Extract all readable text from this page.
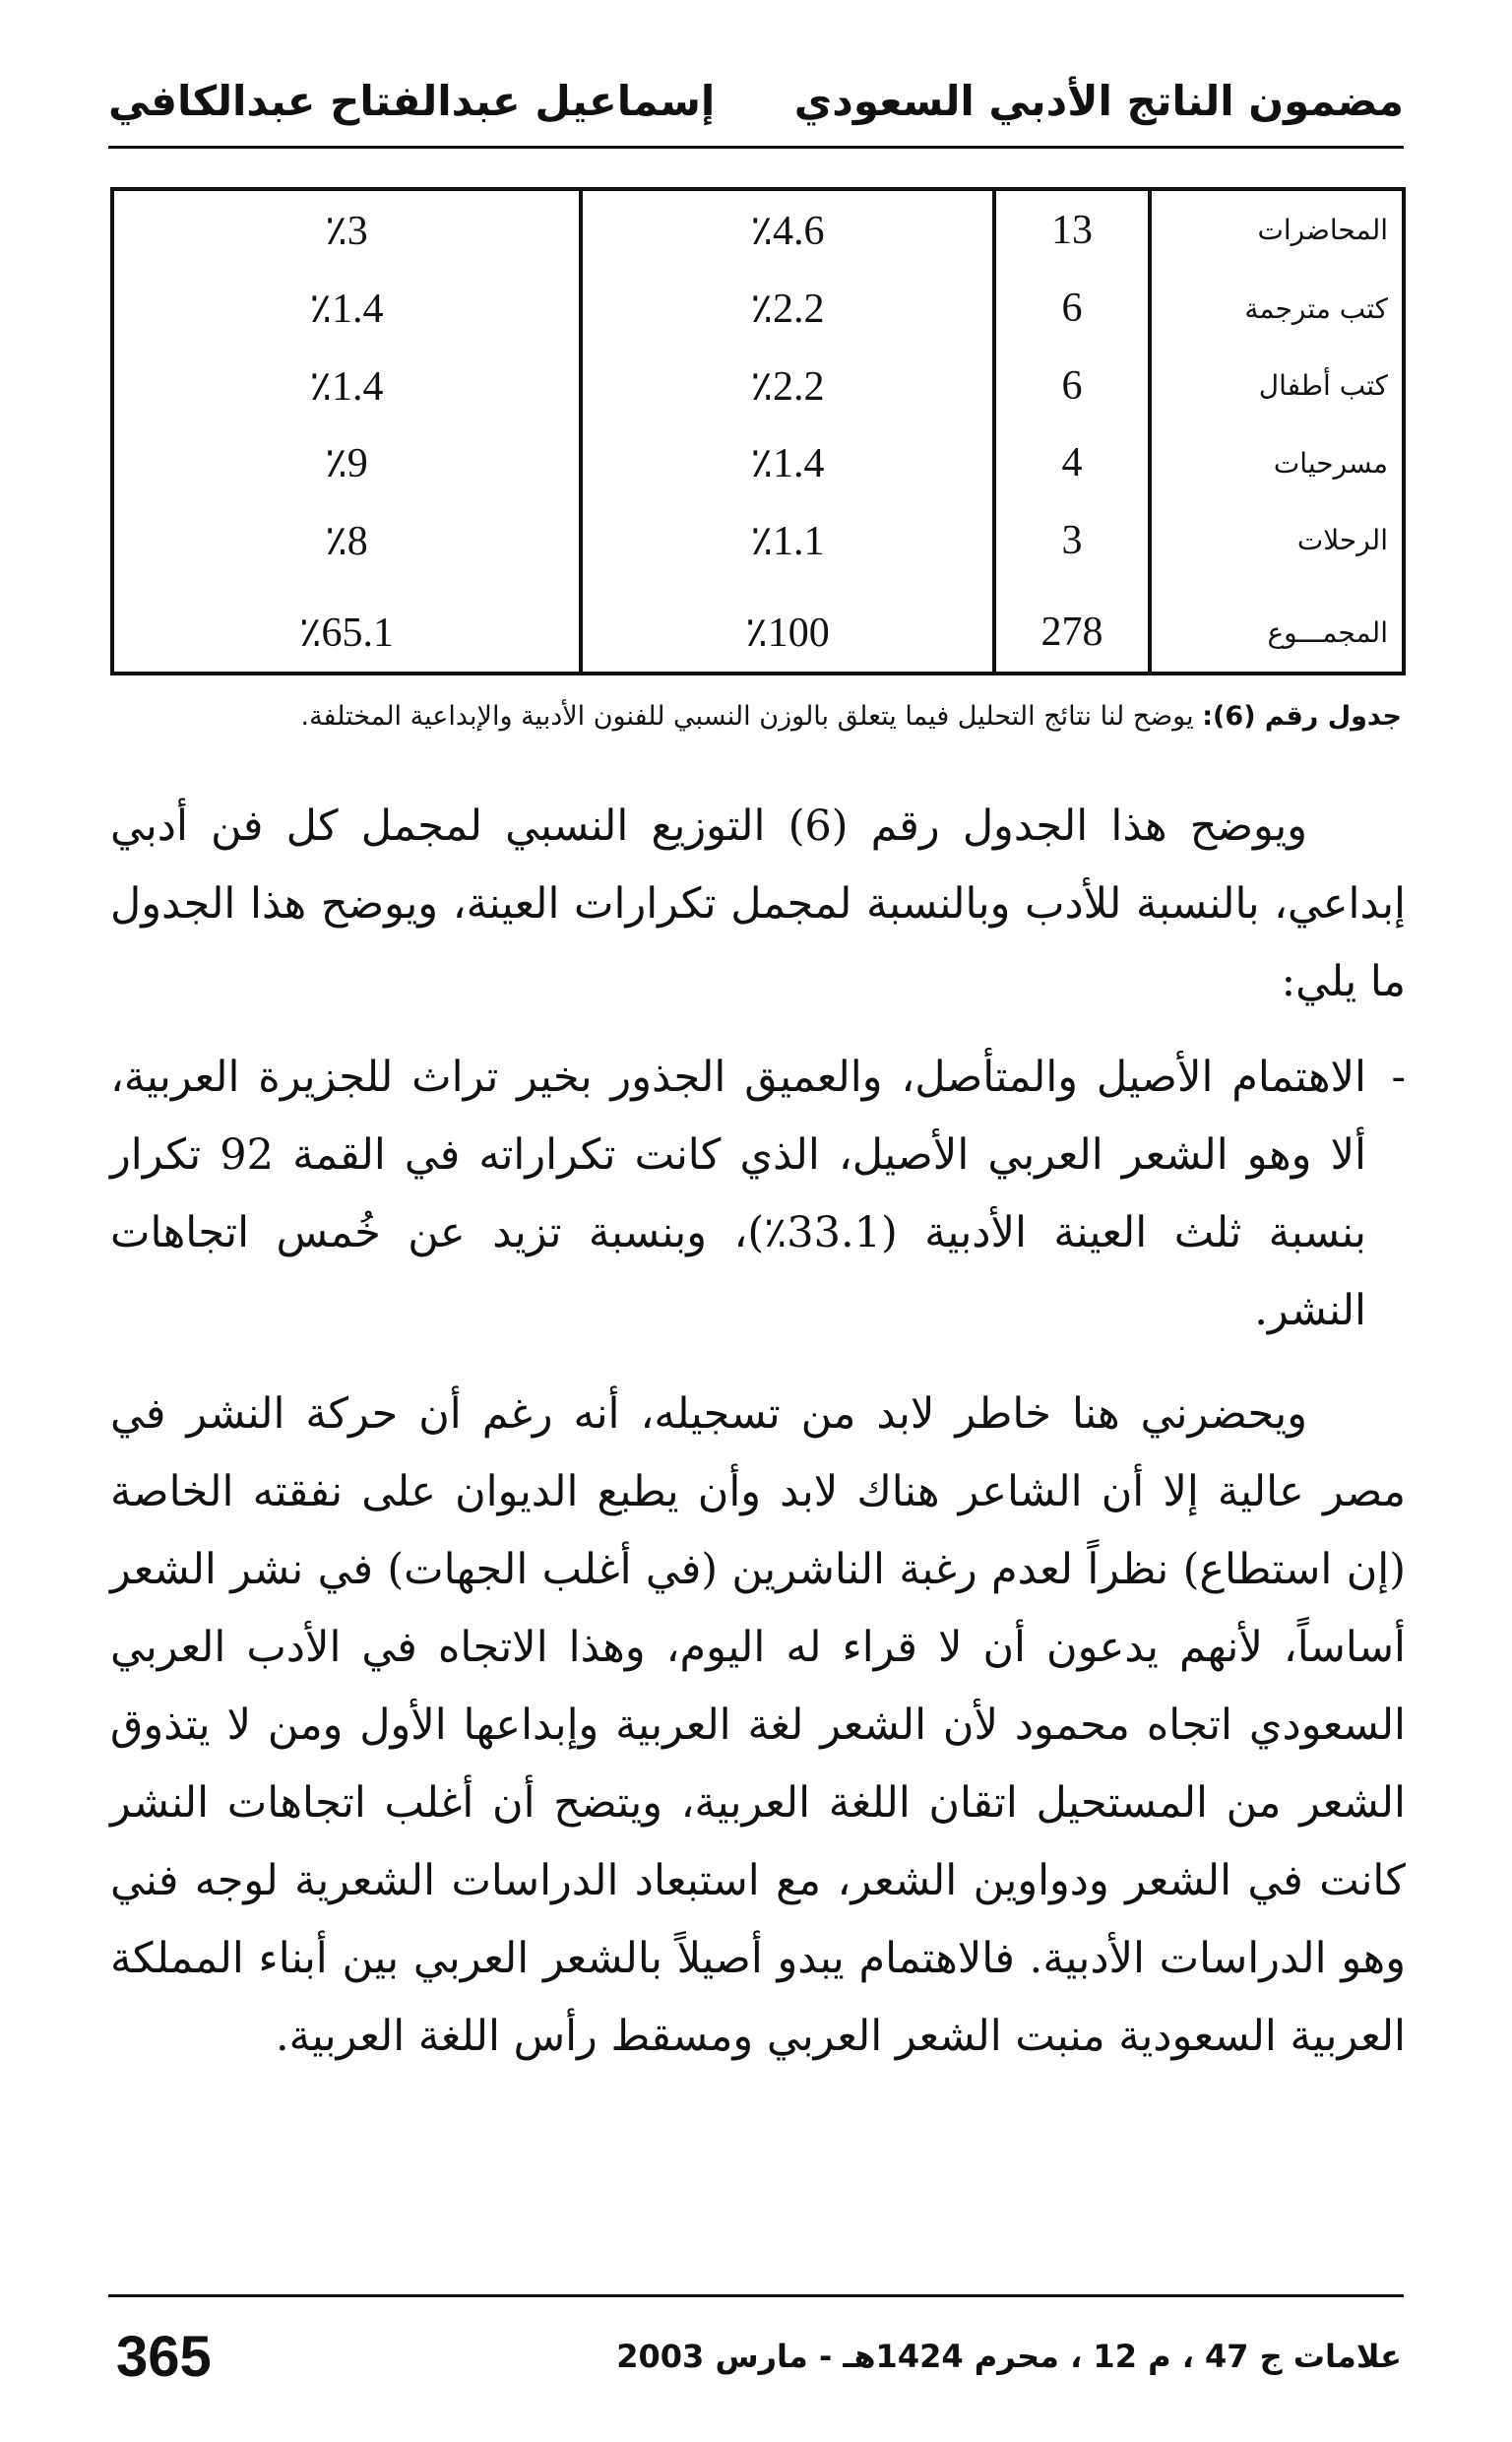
مضمون الناتج الأدبي السعودي
إسماعيل عبدالفتاح عبدالكافي
المحاضرات	13	٪4.6	٪3
كتب مترجمة	6	٪2.2	٪1.4
كتب أطفال	6	٪2.2	٪1.4
مسرحيات	4	٪1.4	٪9
الرحلات	3	٪1.1	٪8

المجمـــوع	278	٪100	٪65.1
جدول رقم (6): يوضح لنا نتائج التحليل فيما يتعلق بالوزن النسبي للفنون الأدبية والإبداعية المختلفة.

ويوضح هذا الجدول رقم (6) التوزيع النسبي لمجمل كل فن أدبي إبداعي، بالنسبة للأدب وبالنسبة لمجمل تكرارات العينة، ويوضح هذا الجدول ما يلي:

-
الاهتمام الأصيل والمتأصل، والعميق الجذور بخير تراث للجزيرة العربية، ألا وهو الشعر العربي الأصيل، الذي كانت تكراراته في القمة 92 تكرار بنسبة ثلث العينة الأدبية (33.1٪)، وبنسبة تزيد عن خُمس اتجاهات النشر.

ويحضرني هنا خاطر لابد من تسجيله، أنه رغم أن حركة النشر في مصر عالية إلا أن الشاعر هناك لابد وأن يطبع الديوان على نفقته الخاصة (إن استطاع) نظراً لعدم رغبة الناشرين (في أغلب الجهات) في نشر الشعر أساساً، لأنهم يدعون أن لا قراء له اليوم، وهذا الاتجاه في الأدب العربي السعودي اتجاه محمود لأن الشعر لغة العربية وإبداعها الأول ومن لا يتذوق الشعر من المستحيل اتقان اللغة العربية، ويتضح أن أغلب اتجاهات النشر كانت في الشعر ودواوين الشعر، مع استبعاد الدراسات الشعرية لوجه فني وهو الدراسات الأدبية. فالاهتمام يبدو أصيلاً بالشعر العربي بين أبناء المملكة العربية السعودية منبت الشعر العربي ومسقط رأس اللغة العربية.

علامات ج 47 ، م 12 ، محرم 1424هـ - مارس 2003
365
